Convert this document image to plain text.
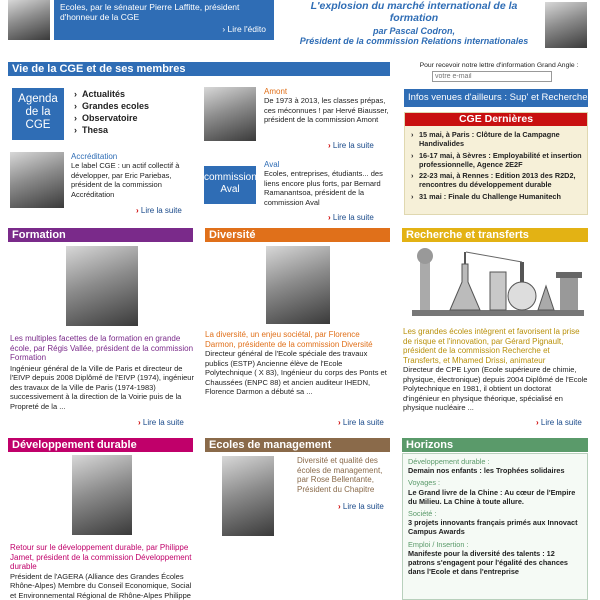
Ecoles, par le sénateur Pierre Laffitte, président d'honneur de la CGE
› Lire l'édito
L'explosion du marché international de la formation
par Pascal Codron,
Président de la commission Relations internationales
Pour recevoir notre lettre d'information Grand Angle :
votre e-mail
Vie de la CGE et de ses membres
Agenda de la CGE
› Actualités
› Grandes ecoles
› Observatoire
› Thesa
Accréditation
Le label CGE : un actif collectif à développer, par Eric Pariebas, président de la commission Accréditation
› Lire la suite
Amont
De 1973 à 2013, les classes prépas, ces méconnues ! par Hervé Biausser, président de la commission Amont
› Lire la suite
commission Aval
Aval
Ecoles, entreprises, étudiants... des liens encore plus forts, par Bernard Ramanantsoa, président de la commission Aval
› Lire la suite
Infos venues d'ailleurs : Sup' et Recherche
CGE Dernières
› 15 mai, à Paris : Clôture de la Campagne Handivalides
› 16-17 mai, à Sèvres : Employabilité et insertion professionnelle, Agence 2E2F
› 22-23 mai, à Rennes : Edition 2013 des R2D2, rencontres du développement durable
› 31 mai : Finale du Challenge Humanitech
Formation
Les multiples facettes de la formation en grande école, par Régis Vallée, président de la commission Formation
Ingénieur général de la Ville de Paris et directeur de l'EIVP depuis 2008 Diplômé de l'EIVP (1974), ingénieur des travaux de la Ville de Paris (1974-1983) successivement à la direction de la Voirie puis de la Propreté de la ...
› Lire la suite
Diversité
La diversité, un enjeu sociétal, par Florence Darmon, présidente de la commission Diversité
Directeur général de l'Ecole spéciale des travaux publics (ESTP) Ancienne élève de l'Ecole Polytechnique ( X 83), Ingénieur du corps des Ponts et Chaussées (ENPC 88) et ancien auditeur IHEDN, Florence Darmon a débuté sa ...
› Lire la suite
Recherche et transferts
Les grandes écoles intègrent et favorisent la prise de risque et l'innovation, par Gérard Pignault, président de la commission Recherche et Transferts, et Mhamed Drissi, animateur
Directeur de CPE Lyon (Ecole supérieure de chimie, physique, électronique) depuis 2004 Diplômé de l'Ecole Polytechnique en 1981, il obtient un doctorat d'ingénieur en physique théorique, spécialisé en physique nucléaire ...
› Lire la suite
Développement durable
Retour sur le développement durable, par Philippe Jamet, président de la commission Développement durable
Président de l'AGERA (Alliance des Grandes Écoles Rhône-Alpes) Membre du Conseil Economique, Social et Environnemental Régional de Rhône-Alpes Philippe
Ecoles de management
Diversité et qualité des écoles de management, par Rose Bellentante, Président du Chapitre
› Lire la suite
Horizons
Développement durable :
Demain nos enfants : les Trophées solidaires
Voyages :
Le Grand livre de la Chine : Au cœur de l'Empire du Milieu. La Chine à toute allure.
Société :
3 projets innovants français primés aux Innovact Campus Awards
Emploi / Insertion :
Manifeste pour la diversité des talents : 12 patrons s'engagent pour l'égalité des chances dans l'Ecole et dans l'entreprise
